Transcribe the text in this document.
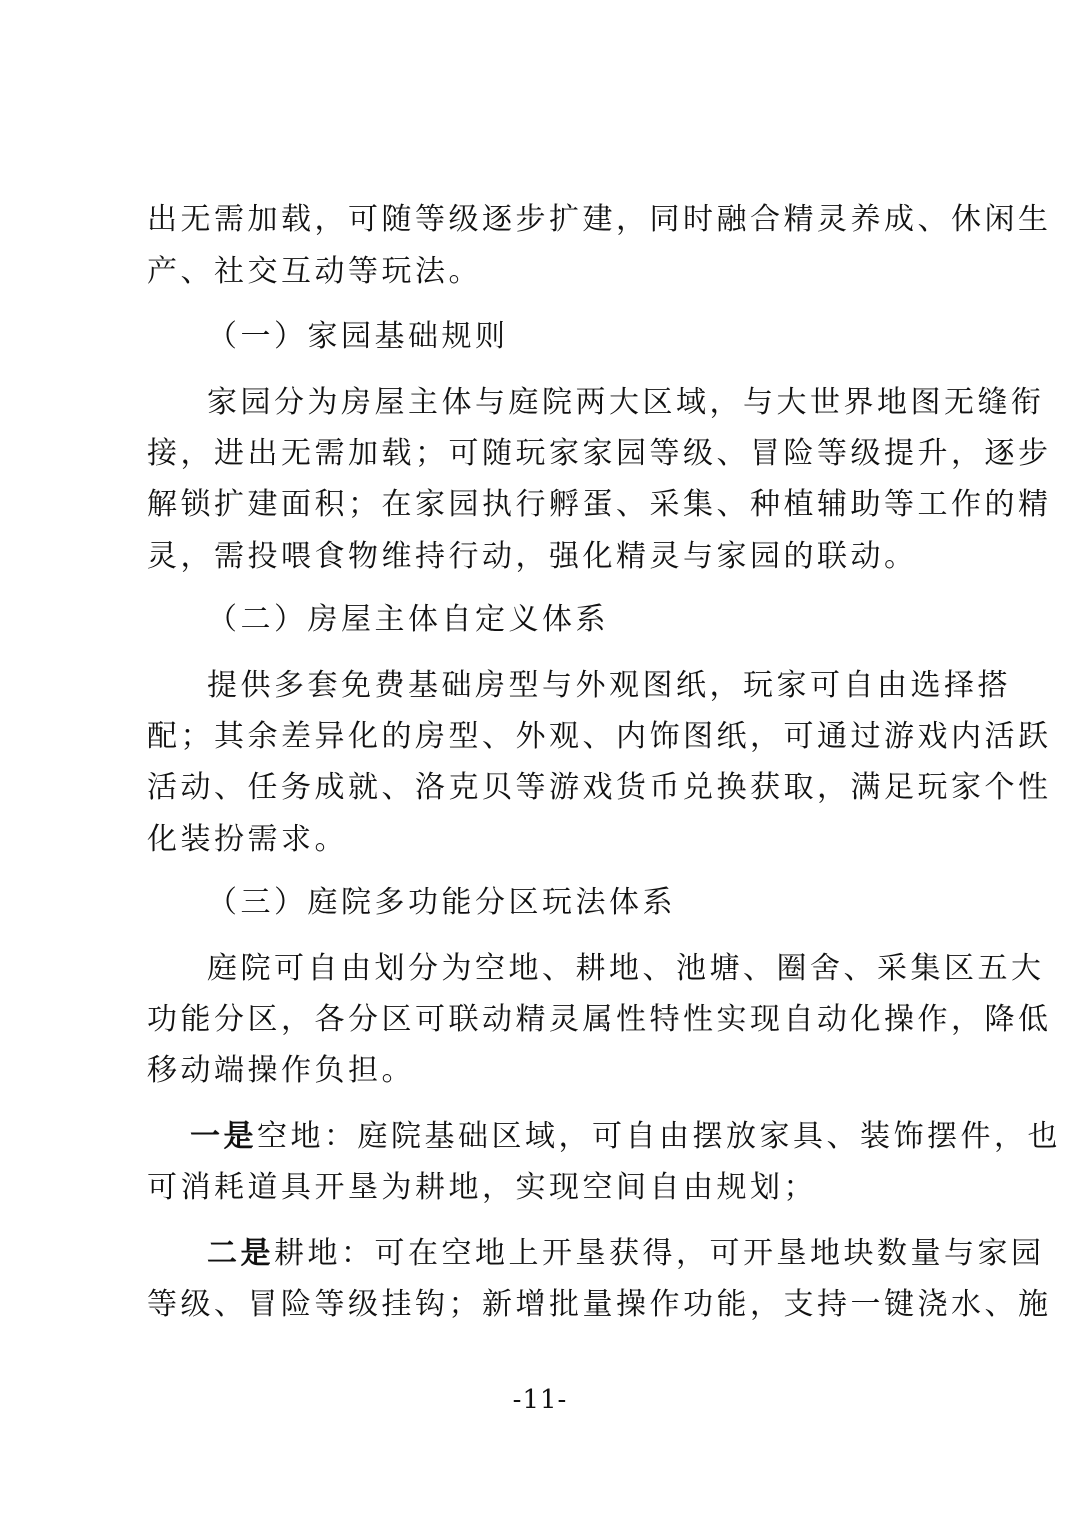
出无需加载，可随等级逐步扩建，同时融合精灵养成、休闲生
产、社交互动等玩法。
（一）家园基础规则
家园分为房屋主体与庭院两大区域，与大世界地图无缝衔
接，进出无需加载；可随玩家家园等级、冒险等级提升，逐步
解锁扩建面积；在家园执行孵蛋、采集、种植辅助等工作的精
灵，需投喂食物维持行动，强化精灵与家园的联动。
（二）房屋主体自定义体系
提供多套免费基础房型与外观图纸，玩家可自由选择搭
配；其余差异化的房型、外观、内饰图纸，可通过游戏内活跃
活动、任务成就、洛克贝等游戏货币兑换获取，满足玩家个性
化装扮需求。
（三）庭院多功能分区玩法体系
庭院可自由划分为空地、耕地、池塘、圈舍、采集区五大
功能分区，各分区可联动精灵属性特性实现自动化操作，降低
移动端操作负担。
一是空地：庭院基础区域，可自由摆放家具、装饰摆件，也
可消耗道具开垦为耕地，实现空间自由规划；
二是耕地：可在空地上开垦获得，可开垦地块数量与家园
等级、冒险等级挂钩；新增批量操作功能，支持一键浇水、施
-11-
